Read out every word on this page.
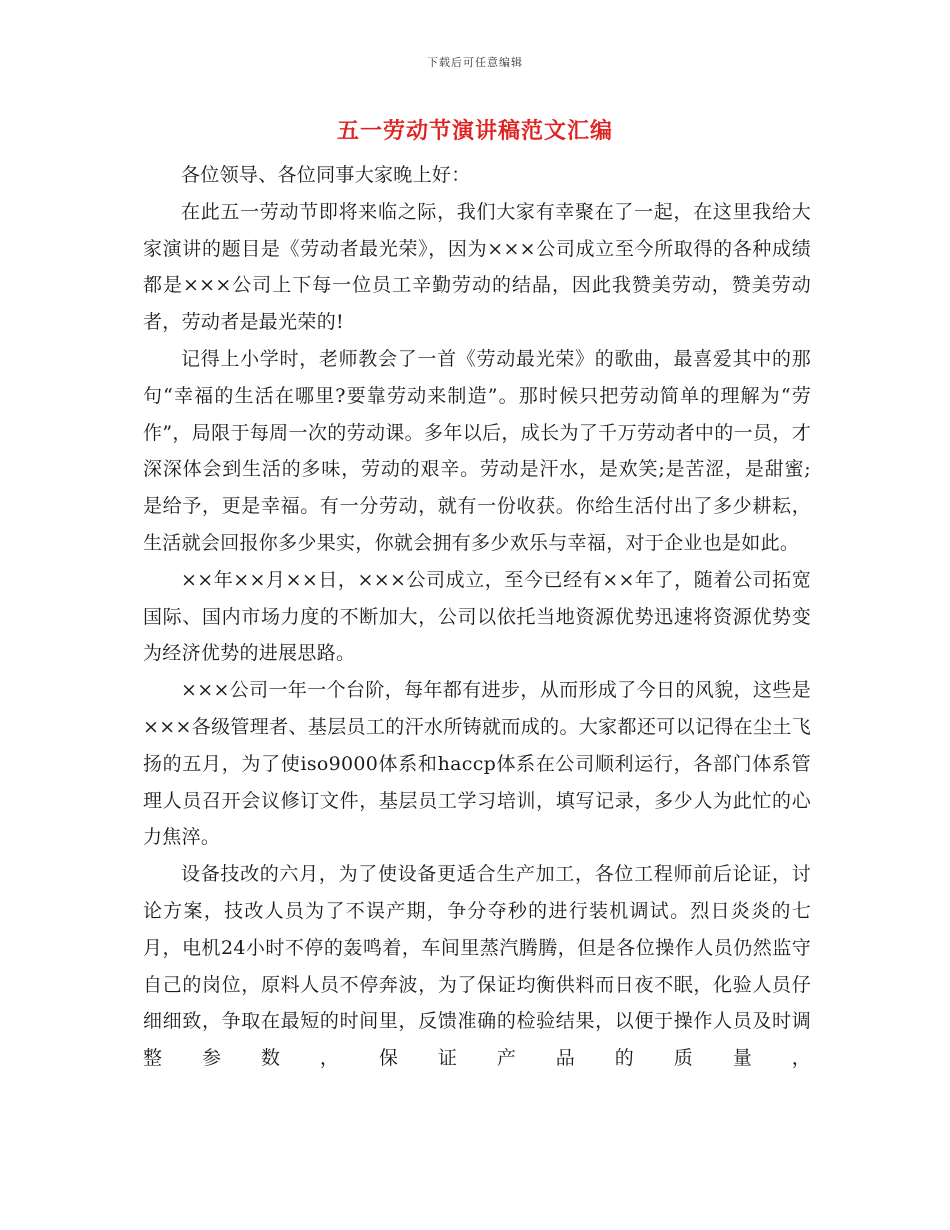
下载后可任意编辑
五一劳动节演讲稿范文汇编

各位领导、各位同事大家晚上好：

在此五一劳动节即将来临之际，我们大家有幸聚在了一起，在这里我给大家演讲的题目是《劳动者最光荣》，因为×××公司成立至今所取得的各种成绩都是×××公司上下每一位员工辛勤劳动的结晶，因此我赞美劳动，赞美劳动者，劳动者是最光荣的!

记得上小学时，老师教会了一首《劳动最光荣》的歌曲，最喜爱其中的那句“幸福的生活在哪里?要靠劳动来制造”。那时候只把劳动简单的理解为“劳作”，局限于每周一次的劳动课。多年以后，成长为了千万劳动者中的一员，才深深体会到生活的多味，劳动的艰辛。劳动是汗水，是欢笑;是苦涩，是甜蜜;是给予，更是幸福。有一分劳动，就有一份收获。你给生活付出了多少耕耘，生活就会回报你多少果实，你就会拥有多少欢乐与幸福，对于企业也是如此。

××年××月××日，×××公司成立，至今已经有××年了，随着公司拓宽国际、国内市场力度的不断加大，公司以依托当地资源优势迅速将资源优势变为经济优势的进展思路。

×××公司一年一个台阶，每年都有进步，从而形成了今日的风貌，这些是×××各级管理者、基层员工的汗水所铸就而成的。大家都还可以记得在尘土飞扬的五月，为了使iso9000体系和haccp体系在公司顺利运行，各部门体系管理人员召开会议修订文件，基层员工学习培训，填写记录，多少人为此忙的心力焦淬。

设备技改的六月，为了使设备更适合生产加工，各位工程师前后论证，讨论方案，技改人员为了不误产期，争分夺秒的进行装机调试。烈日炎炎的七月，电机24小时不停的轰鸣着，车间里蒸汽腾腾，但是各位操作人员仍然监守自己的岗位，原料人员不停奔波，为了保证均衡供料而日夜不眠，化验人员仔细细致，争取在最短的时间里，反馈准确的检验结果，以便于操作人员及时调整参数，保证产品的质量，
